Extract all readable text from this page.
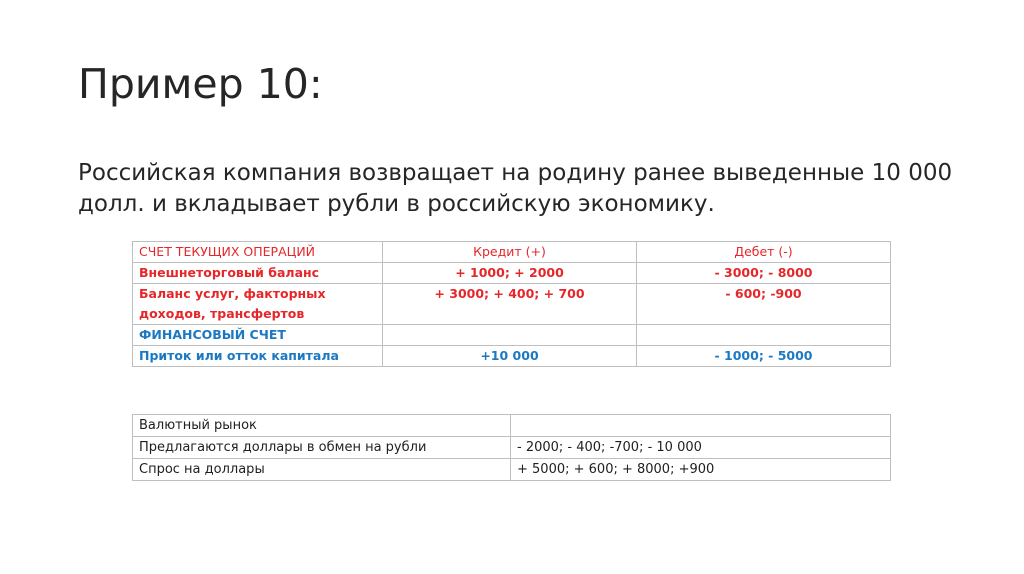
Пример 10:

Российская компания возвращает на родину ранее выведенные 10 000 долл. и вкладывает рубли в российскую экономику.

СЧЕТ ТЕКУЩИХ ОПЕРАЦИЙ	Кредит (+)	Дебет (-)
Внешнеторговый баланс	+ 1000; + 2000	- 3000; - 8000
Баланс услуг, факторных доходов, трансфертов	+ 3000; + 400; + 700	- 600; -900
ФИНАНСОВЫЙ СЧЕТ		
Приток или отток капитала	+10 000	- 1000; - 5000
Валютный рынок	
Предлагаются доллары в обмен на рубли	- 2000; - 400; -700; - 10 000
Спрос на доллары	+ 5000; + 600; + 8000; +900
